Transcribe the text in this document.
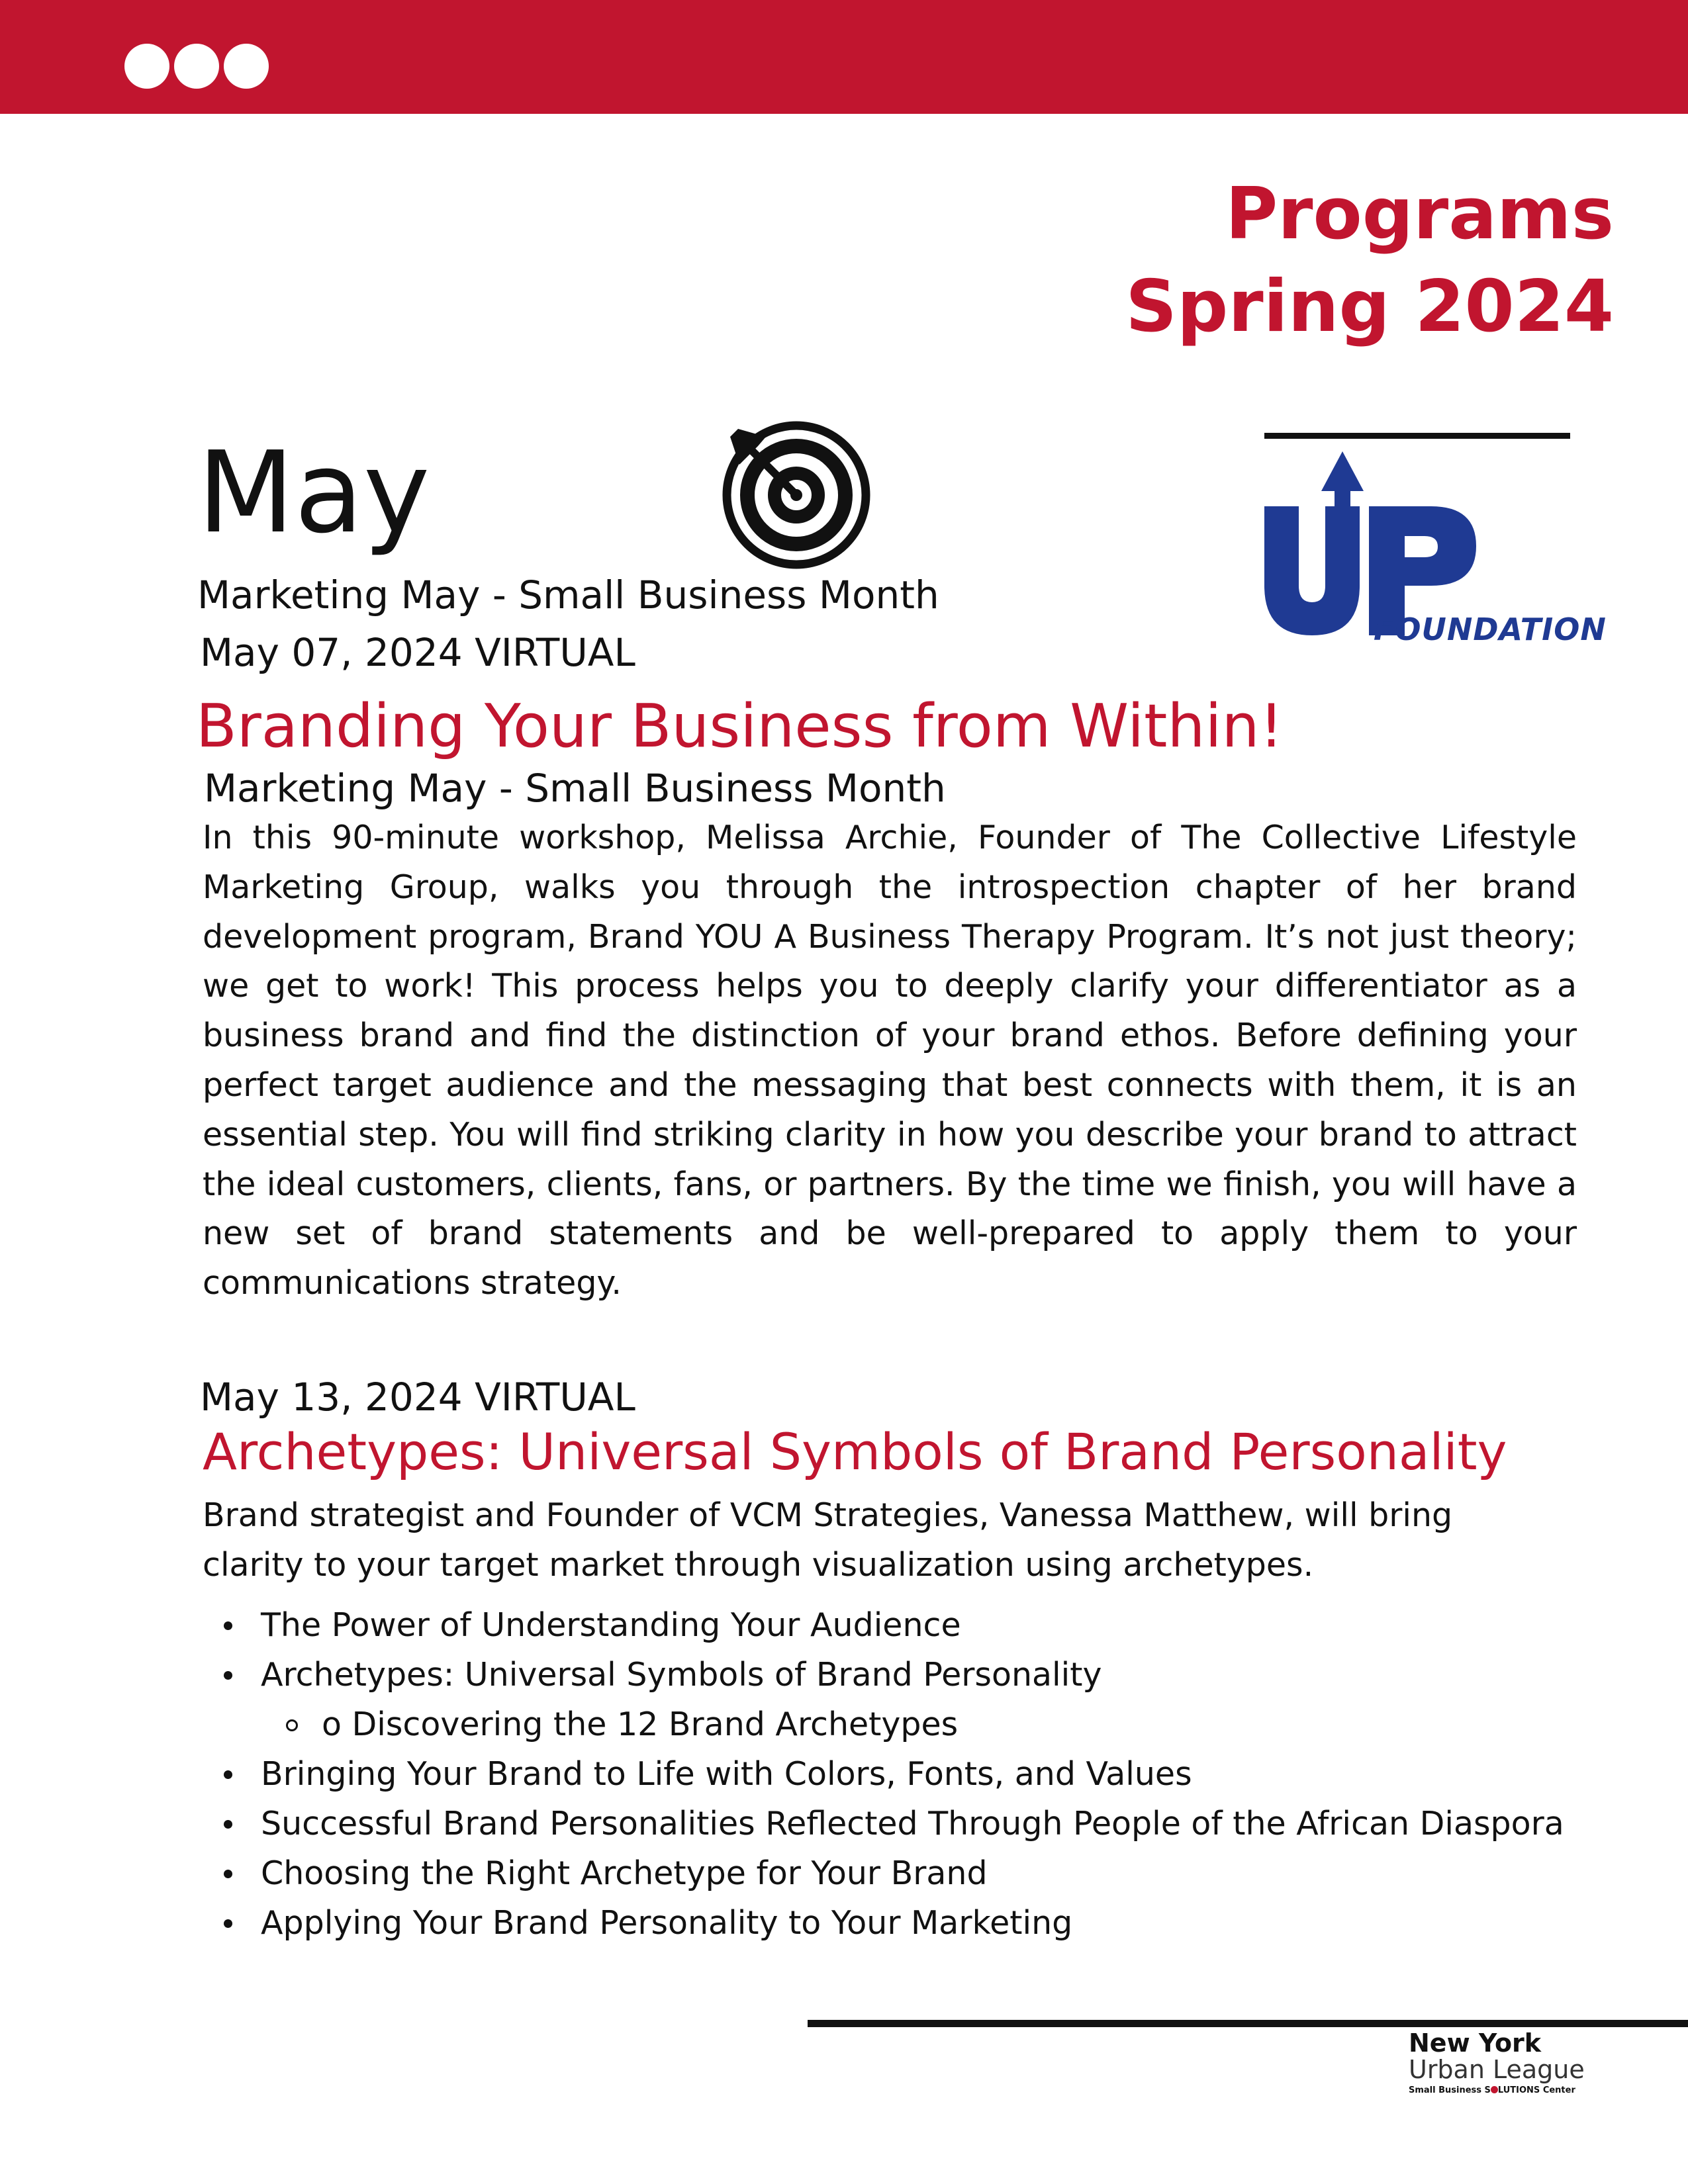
Programs
Spring 2024
May
FOUNDATION
Marketing May - Small Business Month
May 07, 2024 VIRTUAL
Branding Your Business from Within!
Marketing May - Small Business Month

In this 90-minute workshop, Melissa Archie, Founder of The Collective Lifestyle Marketing Group, walks you through the introspection chapter of her brand development program, Brand YOU A Business Therapy Program. It’s not just theory; we get to work! This process helps you to deeply clarify your differentiator as a business brand and find the distinction of your brand ethos. Before defining your perfect target audience and the messaging that best connects with them, it is an essential step. You will find striking clarity in how you describe your brand to attract the ideal customers, clients, fans, or partners. By the time we finish, you will have a new set of brand statements and be well-prepared to apply them to your communications strategy.

May 13, 2024 VIRTUAL
Archetypes: Universal Symbols of Brand Personality
Brand strategist and Founder of VCM Strategies, Vanessa Matthew, will bring
clarity to your target market through visualization using archetypes.
The Power of Understanding Your Audience
Archetypes: Universal Symbols of Brand Personality
o Discovering the 12 Brand Archetypes
Bringing Your Brand to Life with Colors, Fonts, and Values
Successful Brand Personalities Reflected Through People of the African Diaspora
Choosing the Right Archetype for Your Brand
Applying Your Brand Personality to Your Marketing
New York
Urban League
Small Business S LUTIONS Center
